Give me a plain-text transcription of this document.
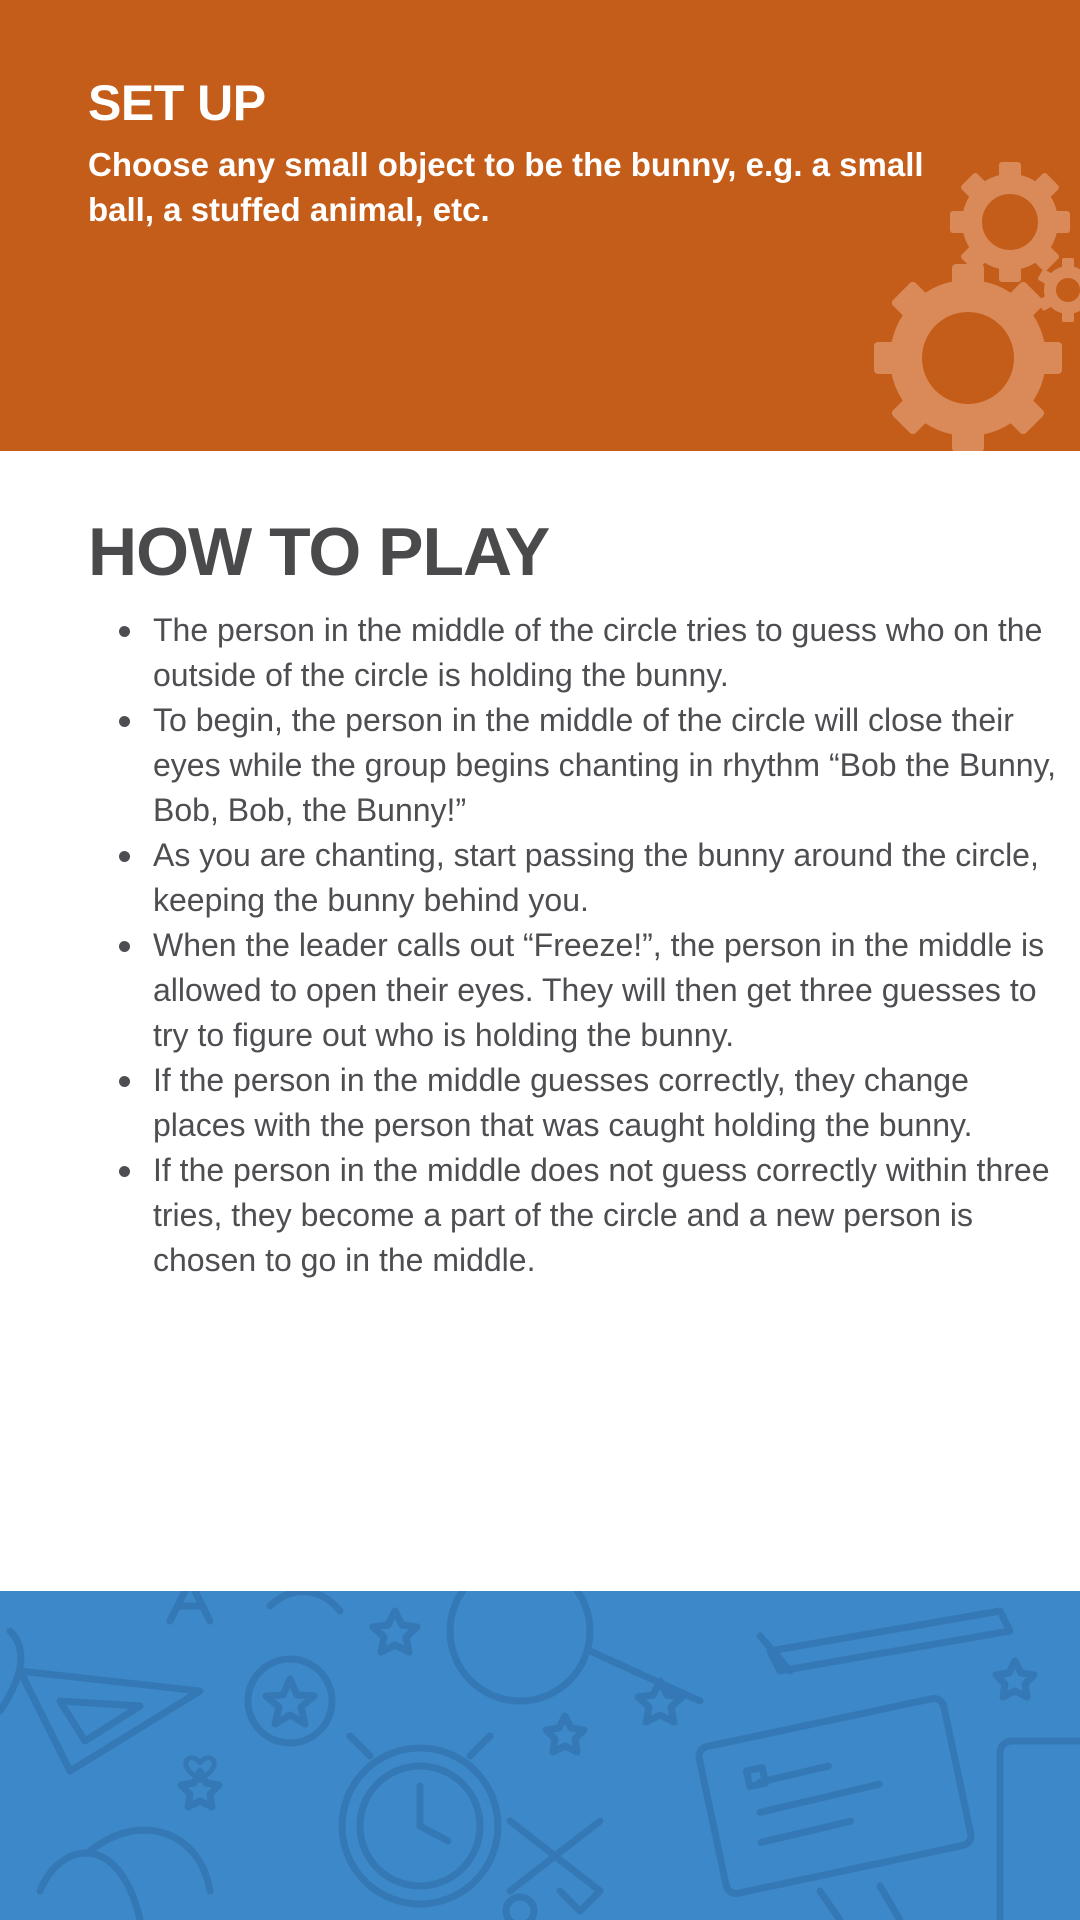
SET UP

Choose any small object to be the bunny, e.g. a small ball, a stuffed animal, etc.

HOW TO PLAY
The person in the middle of the circle tries to guess who on the outside of the circle is holding the bunny.
To begin, the person in the middle of the circle will close their eyes while the group begins chanting in rhythm “Bob the Bunny, Bob, Bob, the Bunny!”
As you are chanting, start passing the bunny around the circle, keeping the bunny behind you.
When the leader calls out “Freeze!”, the person in the middle is allowed to open their eyes. They will then get three guesses to try to figure out who is holding the bunny.
If the person in the middle guesses correctly, they change places with the person that was caught holding the bunny.
If the person in the middle does not guess correctly within three tries, they become a part of the circle and a new person is chosen to go in the middle.
